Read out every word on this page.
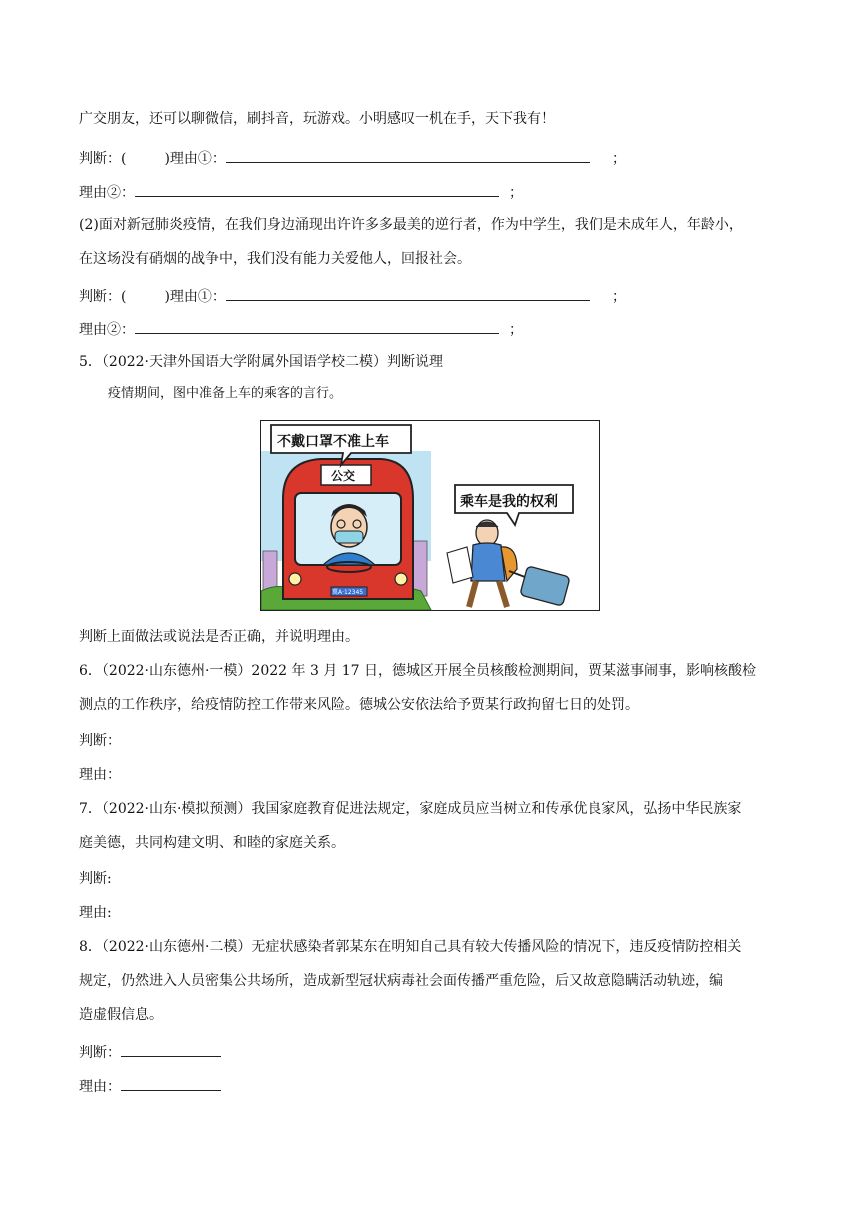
广交朋友，还可以聊微信，刷抖音，玩游戏。小明感叹一机在手，天下我有！
判断：(	)理由①：	；
理由②：	；
(2)面对新冠肺炎疫情，在我们身边涌现出许许多多最美的逆行者，作为中学生，我们是未成年人，年龄小，
在这场没有硝烟的战争中，我们没有能力关爱他人，回报社会。
判断：(	)理由①：	；
理由②：	；
5．（2022·天津外国语大学附属外国语学校二模）判断说理
疫情期间，图中准备上车的乘客的言行。
不戴口罩不准上车
公交
乘车是我的权利
冀A·12345
判断上面做法或说法是否正确，并说明理由。
6．（2022·山东德州·一模）2022 年 3 月 17 日，德城区开展全员核酸检测期间，贾某滋事闹事，影响核酸检
测点的工作秩序，给疫情防控工作带来风险。德城公安依法给予贾某行政拘留七日的处罚。
判断：
理由：
7．（2022·山东·模拟预测）我国家庭教育促进法规定，家庭成员应当树立和传承优良家风，弘扬中华民族家
庭美德，共同构建文明、和睦的家庭关系。
判断:
理由:
8．（2022·山东德州·二模）无症状感染者郭某东在明知自己具有较大传播风险的情况下，违反疫情防控相关
规定，仍然进入人员密集公共场所，造成新型冠状病毒社会面传播严重危险，后又故意隐瞒活动轨迹，编
造虚假信息。
判断：
理由：
